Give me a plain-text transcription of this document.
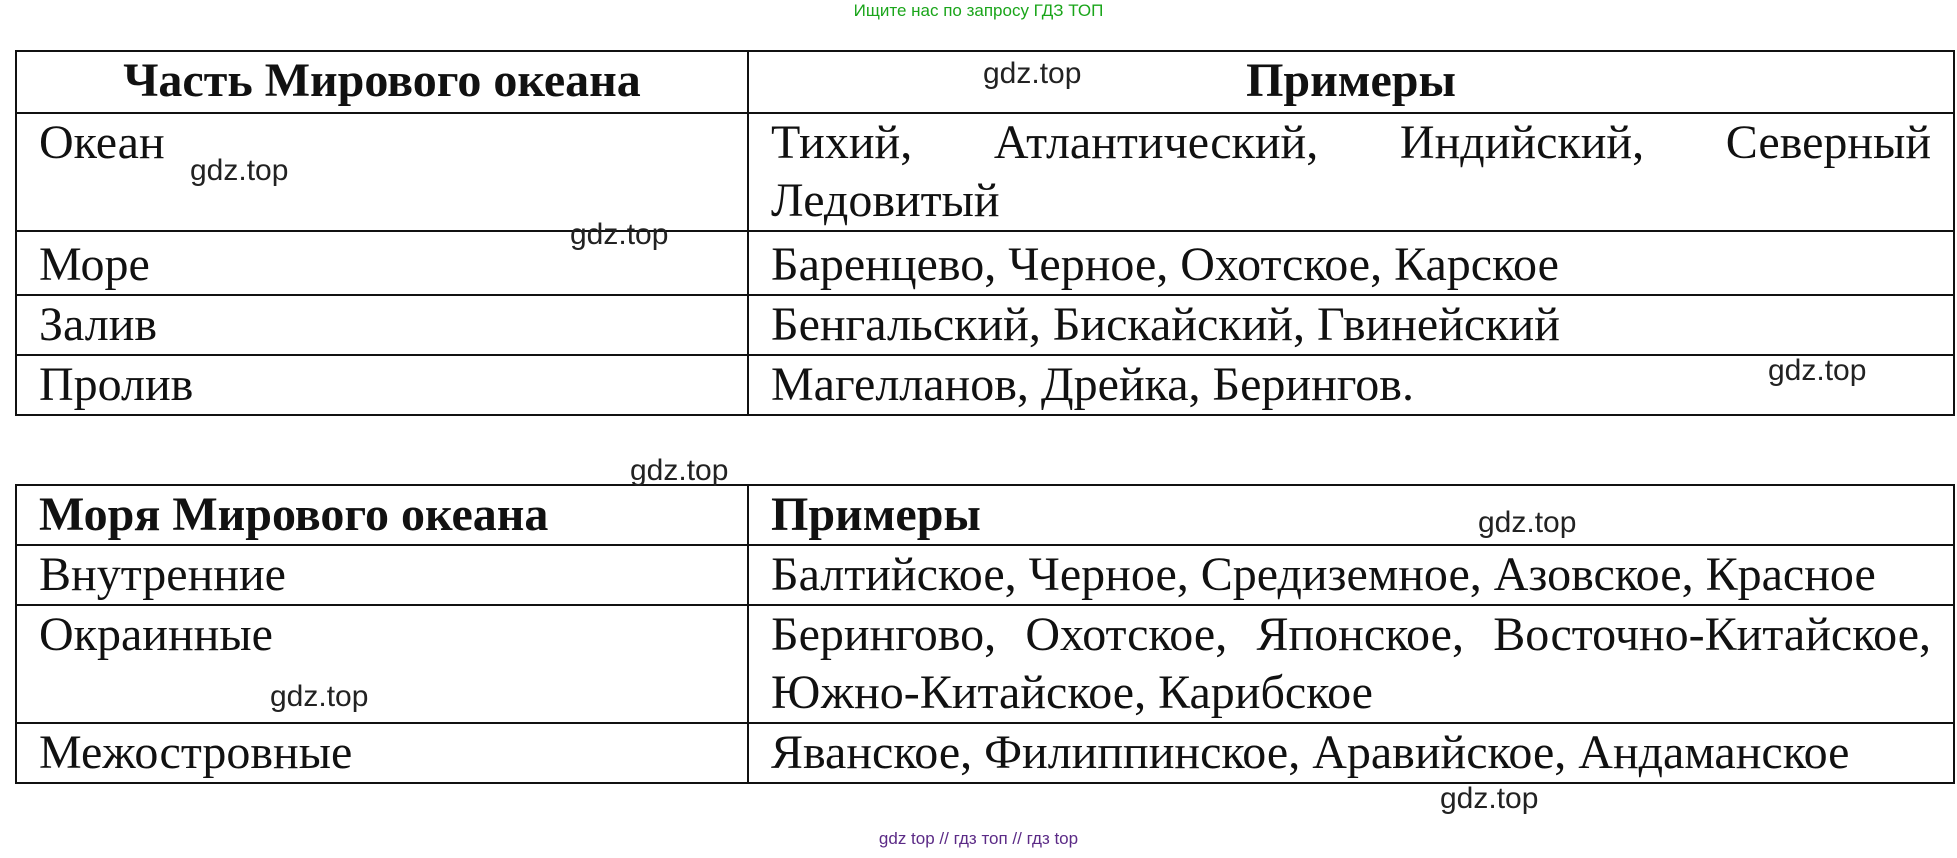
Ищите нас по запросу ГДЗ ТОП
Часть Мирового океана	Примеры
Океан	Тихий, Атлантический, Индийский, Северный Ледовитый
Море	Баренцево, Черное, Охотское, Карское
Залив	Бенгальский, Бискайский, Гвинейский
Пролив	Магелланов, Дрейка, Берингов.
Моря Мирового океана	Примеры
Внутренние	Балтийское, Черное, Средиземное, Азовское, Красное
Окраинные	Берингово, Охотское, Японское, Восточно-Китайское, Южно-Китайское, Карибское
Межостровные	Яванское, Филиппинское, Аравийское, Андаманское
gdz.top
gdz.top
gdz.top
gdz.top
gdz.top
gdz.top
gdz.top
gdz.top
gdz top // гдз топ // гдз top
